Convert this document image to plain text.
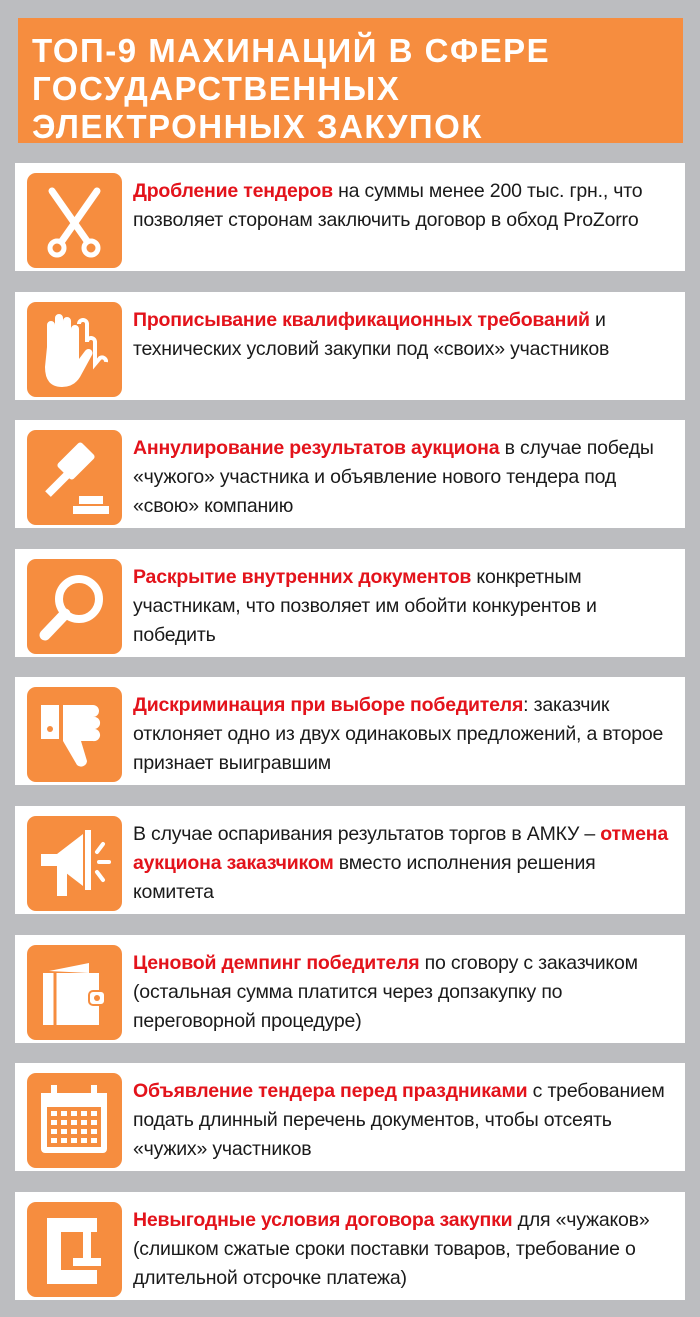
ТОП-9 МАХИНАЦИЙ В СФЕРЕ
ГОСУДАРСТВЕННЫХ
ЭЛЕКТРОННЫХ ЗАКУПОК
Дробление тендеров на суммы менее 200 тыс. грн., что позволяет сторонам заключить договор в обход ProZorro
Прописывание квалификационных требований и технических условий закупки под «своих» участников
Аннулирование результатов аукциона в случае победы «чужого» участника и объявление нового тендера под «свою» компанию
Раскрытие внутренних документов конкретным участникам, что позволяет им обойти конкурентов и победить
Дискриминация при выборе победителя: заказчик отклоняет одно из двух одинаковых предложений, а второе признает выигравшим
В случае оспаривания результатов торгов в АМКУ – отмена аукциона заказчиком вместо исполнения решения комитета
Ценовой демпинг победителя по сговору с заказчиком (остальная сумма платится через допзакупку по переговорной процедуре)
Объявление тендера перед праздниками с требованием подать длинный перечень документов, чтобы отсеять «чужих» участников
Невыгодные условия договора закупки для «чужаков» (слишком сжатые сроки поставки товаров, требование о длительной отсрочке платежа)
